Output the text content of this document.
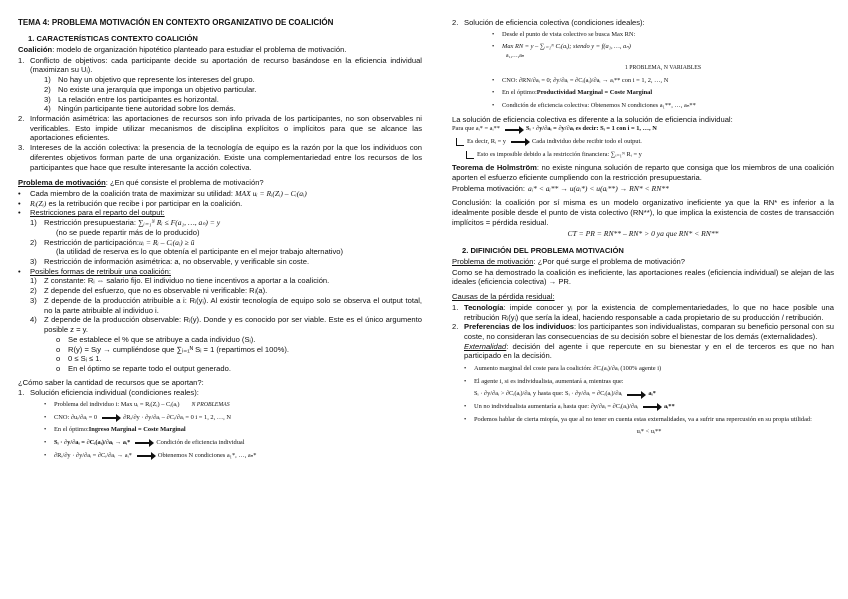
TEMA 4: PROBLEMA MOTIVACIÓN EN CONTEXTO ORGANIZATIVO DE COALICIÓN
1. CARACTERÍSTICAS CONTEXTO COALICIÓN
Coalición: modelo de organización hipotético planteado para estudiar el problema de motivación.
1. Conflicto de objetivos: cada participante decide su aportación de recurso basándose en la eficiencia individual (maximizan su Uᵢ).
1) No hay un objetivo que represente los intereses del grupo.
2) No existe una jerarquía que imponga un objetivo particular.
3) La relación entre los participantes es horizontal.
4) Ningún participante tiene autoridad sobre los demás.
2. Información asimétrica: las aportaciones de recursos son info privada de los participantes, no son observables ni verificables. Esto impide utilizar mecanismos de disciplina explícitos o implícitos para que se alcance las aportaciones eficientes.
3. Intereses de la acción colectiva: la presencia de la tecnología de equipo es la razón por la que los individuos con diferentes objetivos forman parte de una organización. Existe una complementariedad entre los recursos de los participantes que hace que resulte interesante la acción colectiva.
Problema de motivación: ¿En qué consiste el problema de motivación?
•	Cada miembro de la coalición trata de maximizar su utilidad: MAX uᵢ = Rᵢ(Zᵢ) – Cᵢ(aᵢ)
•	Rᵢ(Zᵢ) es la retribución que recibe i por participar en la coalición.
•	Restricciones para el reparto del output:
1) Restricción presupuestaria: ∑ᵢ₌₁ᴺ Rᵢ ≤ F(a₁, …, aₙ) = y
(no se puede repartir más de lo producido)
2) Restricción de participación:uᵢ = Rᵢ – Cᵢ(aᵢ) ≥ ū
(la utilidad de reserva es lo que obtenía el participante en el mejor trabajo alternativo)
3) Restricción de información asimétrica: a, no observable, y verificable sin coste.
•	Posibles formas de retribuir una coalición:
1) Z constante: Rᵢ ⇔ salario fijo. El individuo no tiene incentivos a aportar a la coalición.
2) Z depende del esfuerzo, que no es observable ni verificable: Rᵢ(a).
3) Z depende de la producción atribuible a i: Rᵢ(yᵢ). Al existir tecnología de equipo solo se observa el output total, no la parte atribuible al individuo i.
4) Z depende de la producción observable: Rᵢ(y). Donde y es conocido por ser viable. Este es el único argumento posible z = y.
o	Se establece el % que se atribuye a cada individuo (Sᵢ).
o	R(y) = Sᵢy → cumpliéndose que ∑ᵢ₌₁ᴺ Sᵢ = 1 (repartimos el 100%).
o	0 ≤ Sᵢ ≤ 1.
o	En el óptimo se reparte todo el output generado.
¿Cómo saber la cantidad de recursos que se aportan?:
1. Solución eficiencia individual (condiciones reales):
•	Problema del individuo i: Max uᵢ = Rᵢ(Zᵢ) – Cᵢ(aᵢ) N PROBLEMAS
•	CNO: ∂uᵢ/∂aᵢ = 0	∂Rᵢ/∂y · ∂y/∂aᵢ – ∂Cᵢ/∂aᵢ = 0 i = 1, 2, …, N
•	En el óptimo: Ingreso Marginal = Coste Marginal
•	Sᵢ · ∂y/∂aᵢ = ∂Cᵢ(aᵢ)/∂aᵢ → aᵢ*	Condición de eficiencia individual
•	∂Rᵢ/∂y · ∂y/∂aᵢ = ∂Cᵢ/∂aᵢ → aᵢ*	Obtenemos N condiciones a₁*, …, aₙ*
2. Solución de eficiencia colectiva (condiciones ideales):
•	Desde el punto de vista colectivo se busca Max RN:
•	Max RN = y – ∑ᵢ₌₁ᴺ Cᵢ(aᵢ); siendo y = f(a₁, …, aₙ)
a₁,…,aₙ
1 PROBLEMA, N VARIABLES
•	CNO: ∂RN/∂aᵢ = 0; ∂y/∂aᵢ = ∂Cᵢ(aᵢ)/∂aᵢ → aᵢ** con i = 1, 2, …, N
•	En el óptimo: Productividad Marginal = Coste Marginal
•	Condición de eficiencia colectiva: Obtenemos N condiciones a₁**, …, aₙ**
La solución de eficiencia colectiva es diferente a la solución de eficiencia individual:
Para que aᵢ* = aᵢ**	Sᵢ · ∂y/∂aᵢ = ∂y/∂aᵢ es decir: Sᵢ = 1 con i = 1, …, N
Es decir, Rᵢ = y	Cada individuo debe recibir todo el output.
Esto es imposible debido a la restricción financiera: ∑ᵢ₌₁ᴺ Rᵢ = y
Teorema de Holmström: no existe ninguna solución de reparto que consiga que los miembros de una coalición aporten el esfuerzo eficiente cumpliendo con la restricción presupuestaria.
Problema motivación: aᵢ* < aᵢ** → u(aᵢ*) < u(aᵢ**) → RN* < RN**
Conclusión: la coalición por sí misma es un modelo organizativo ineficiente ya que la RN* es inferior a la idealmente posible desde el punto de vista colectivo (RN**), lo que implica la existencia de costes de transacción implícitos = pérdida residual.
CT = PR = RN** – RN* > 0 ya que RN* < RN**
2. DIFINICIÓN DEL PROBLEMA MOTIVACIÓN
Problema de motivación: ¿Por qué surge el problema de motivación?
Como se ha demostrado la coalición es ineficiente, las aportaciones reales (eficiencia individual) se alejan de las ideales (eficiencia colectiva) → PR.
Causas de la pérdida residual:
1. Tecnología: impide conocer yᵢ por la existencia de complementariedades, lo que no hace posible una retribución Rᵢ(yᵢ) que sería la ideal, haciendo responsable a cada propietario de su producción / retribución.
2. Preferencias de los individuos: los participantes son individualistas, comparan su beneficio personal con su coste, no consideran las consecuencias de su decisión sobre el bienestar de los demás (externalidades).
Externalidad: decisión del agente i que repercute en su bienestar y en el de terceros es que no han participado en la decisión.
•	Aumento marginal del coste para la coalición: ∂Cᵢ(aᵢ)/∂aᵢ (100% agente i)
•	El agente i, si es individualista, aumentará aᵢ mientras que:
Sᵢ · ∂y/∂aᵢ > ∂Cᵢ(aᵢ)/∂aᵢ y hasta que: Sᵢ · ∂y/∂aᵢ = ∂Cᵢ(aᵢ)/∂aᵢ	aᵢ*
•	Un no individualista aumentaría aᵢ hasta que: ∂y/∂aᵢ = ∂Cᵢ(aᵢ)/∂aᵢ	aᵢ**
•	Podemos hablar de cierta miopía, ya que al no tener en cuenta estas externalidades, va a sufrir una repercusión en su propia utilidad:
uᵢ* < uᵢ**
